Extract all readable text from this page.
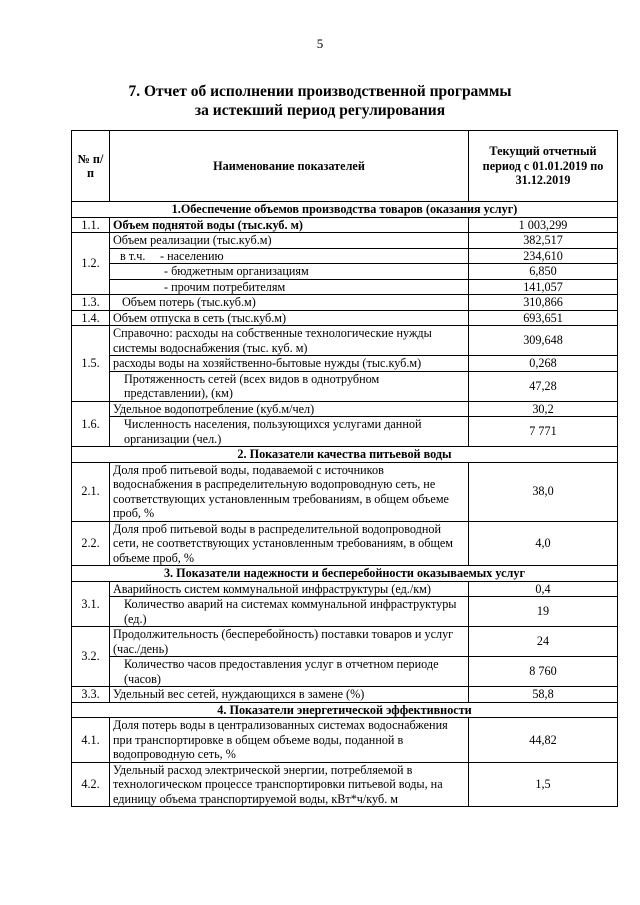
5
7. Отчет об исполнении производственной программы
за истекший период регулирования
№ п/п	Наименование показателей	Текущий отчетный период с 01.01.2019 по 31.12.2019
1.Обеспечение объемов производства товаров (оказания услуг)		
1.1.	Объем поднятой воды (тыс.куб. м)	1 003,299
1.2.	Объем реализации (тыс.куб.м)	382,517
	в т.ч. - населению	234,610
	- бюджетным организациям	6,850
	- прочим потребителям	141,057
1.3.	Объем потерь (тыс.куб.м)	310,866
1.4.	Объем отпуска в сеть (тыс.куб.м)	693,651
1.5.	Справочно: расходы на собственные технологические нужды системы водоснабжения (тыс. куб. м)	309,648
	расходы воды на хозяйственно-бытовые нужды (тыс.куб.м)	0,268
	Протяженность сетей (всех видов в однотрубном представлении), (км)	47,28
1.6.	Удельное водопотребление (куб.м/чел)	30,2
	Численность населения, пользующихся услугами данной организации (чел.)	7 771
2. Показатели качества питьевой воды		
2.1.	Доля проб питьевой воды, подаваемой с источников водоснабжения в распределительную водопроводную сеть, не соответствующих установленным требованиям, в общем объеме проб, %	38,0
2.2.	Доля проб питьевой воды в распределительной водопроводной сети, не соответствующих установленным требованиям, в общем объеме проб, %	4,0
3. Показатели надежности и бесперебойности оказываемых услуг		
3.1.	Аварийность систем коммунальной инфраструктуры (ед./км)	0,4
	Количество аварий на системах коммунальной инфраструктуры (ед.)	19
3.2.	Продолжительность (бесперебойность) поставки товаров и услуг (час./день)	24
	Количество часов предоставления услуг в отчетном периоде (часов)	8 760
3.3.	Удельный вес сетей, нуждающихся в замене (%)	58,8
4. Показатели энергетической эффективности		
4.1.	Доля потерь воды в централизованных системах водоснабжения при транспортировке в общем объеме воды, поданной в водопроводную сеть, %	44,82
4.2.	Удельный расход электрической энергии, потребляемой в технологическом процессе транспортировки питьевой воды, на единицу объема транспортируемой воды, кВт*ч/куб. м	1,5
